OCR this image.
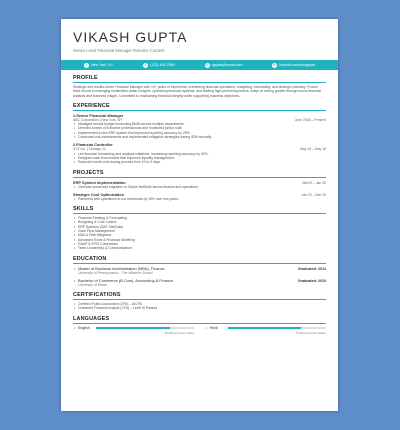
VIKASH GUPTA
Senior Level Financial Manager Resume Content
⌖ New York, NY	✆ (123) 456-7890	✉ vgupta@email.com	in linkedin.com/in/vgupta
PROFILE
Strategic and results-driven Financial Manager with 10+ years of experience overseeing financial operations, budgeting, forecasting, and strategic planning. Proven track record in managing multimillion-dollar budgets, optimizing financial systems, and leading high-performing teams. Adept at driving growth through sound financial analysis and business insight. Committed to maintaining financial integrity while supporting business objectives.
EXPERIENCE
1.Senior Financial Manager
ABC Corporation | New York, NY	June 2018 – Present
• Managed annual budget exceeding $50M across multiple departments.
• Directed a team of 8 finance professionals and monitored jumior staff.
• Implemented a new ERP system that improved reporting accuracy by 25%.
• Conducted risk assessments and implemented mitigation strategies saving $2M annually.
2.Financial Controller
XYZ Inc. | Chicago, IL	May 15 – May 18
• Led financial forecasting and analysis initiatives, increasing reporting accuracy by 40%.
• Designed cash flow models that improved liquidity management.
• Reduced month-end closing process from 10 to 5 days.
PROJECTS
ERP System Implementation	Mar19 – Jan 20
• Oversaw successful migration to Oracle NetSuite across finance and operations.
Strategic Cost Optimization	Jan 20 – Mar 20
• Partnered with operations to cut overheads by 15% over two years.
SKILLS
• Financial Strategy & Forecasting
• Budgeting & Cost Control
• ERP Systems (SAP, NetSuite)
• Cash Flow Management
• M&A & Risk Mitigation
• Advanced Excel & Financial Modeling
• GAAP & IFRS Compliance
• Team Leadership & Communication
EDUCATION
• Master of Business Administration (MBA), Finance	Graduated: 2014
University of Pennsylvania – The Wharton School
• Bachelor of Commerce (B.Com), Accounting & Finance	Graduated: 2010
University of Illinois
CERTIFICATIONS
• Certified Public Accountant (CPA) – AICPA
• Chartered Financial Analyst (CFA) – Level III Passed
LANGUAGES
• English
Proficiency level: Native
• Hindi
Proficiency level: Native
